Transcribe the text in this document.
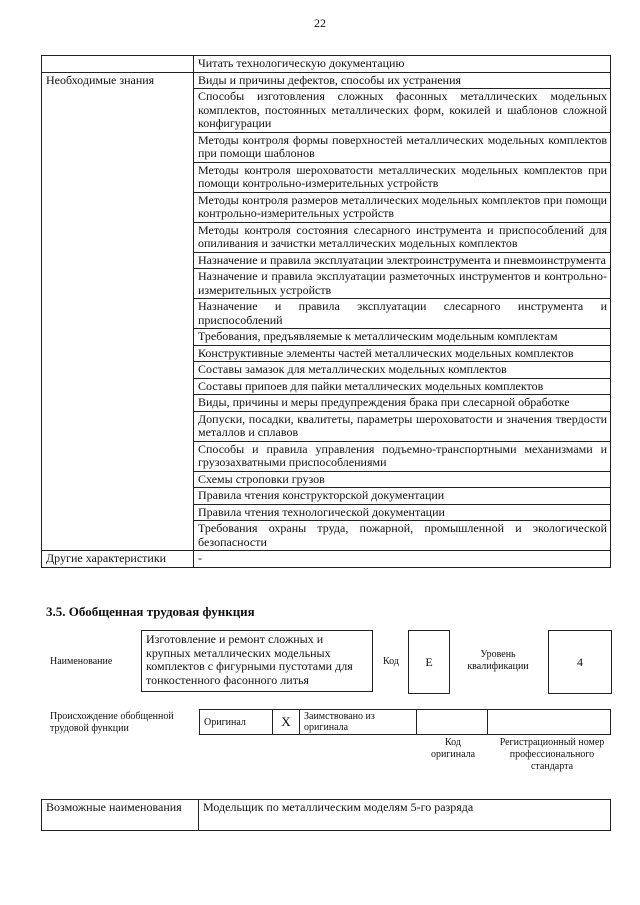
22
	Читать технологическую документацию
Необходимые знания	Виды и причины дефектов, способы их устранения
	Способы изготовления сложных фасонных металлических модельных комплектов, постоянных металлических форм, кокилей и шаблонов сложной конфигурации
	Методы контроля формы поверхностей металлических модельных комплектов при помощи шаблонов
	Методы контроля шероховатости металлических модельных комплектов при помощи контрольно-измерительных устройств
	Методы контроля размеров металлических модельных комплектов при помощи контрольно-измерительных устройств
	Методы контроля состояния слесарного инструмента и приспособлений для опиливания и зачистки металлических модельных комплектов
	Назначение и правила эксплуатации электроинструмента и пневмоинструмента
	Назначение и правила эксплуатации разметочных инструментов и контрольно-измерительных устройств
	Назначение и правила эксплуатации слесарного инструмента и приспособлений
	Требования, предъявляемые к металлическим модельным комплектам
	Конструктивные элементы частей металлических модельных комплектов
	Составы замазок для металлических модельных комплектов
	Составы припоев для пайки металлических модельных комплектов
	Виды, причины и меры предупреждения брака при слесарной обработке
	Допуски, посадки, квалитеты, параметры шероховатости и значения твердости металлов и сплавов
	Способы и правила управления подъемно-транспортными механизмами и грузозахватными приспособлениями
	Схемы строповки грузов
	Правила чтения конструкторской документации
	Правила чтения технологической документации
	Требования охраны труда, пожарной, промышленной и экологической безопасности
Другие характеристики	-
3.5. Обобщенная трудовая функция
Наименование
Изготовление и ремонт сложных и крупных металлических модельных комплектов с фигурными пустотами для тонкостенного фасонного литья
Код	E	Уровень квалификации	4
Происхождение обобщенной трудовой функции
Оригинал	X	Заимствовано из оригинала		
Код оригинала
Регистрационный номер профессионального стандарта
Возможные наименования	Модельщик по металлическим моделям 5-го разряда
